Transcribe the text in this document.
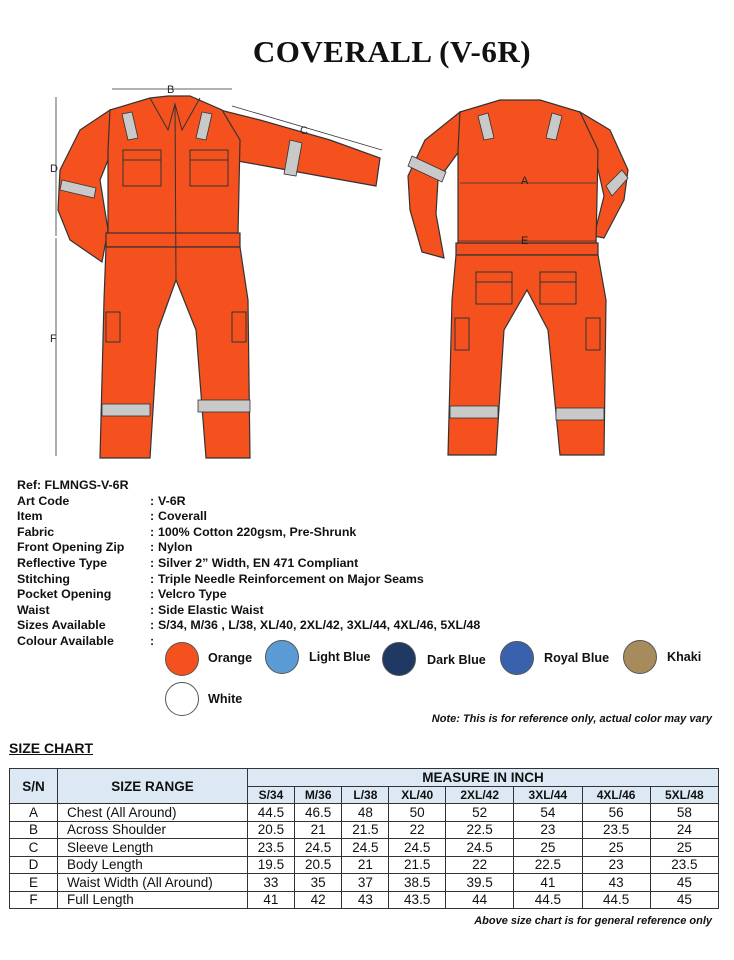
COVERALL (V-6R)
B
C
D
F
A
E
Ref: FLMNGS-V-6R
Art Code	: V-6R
Item	: Coverall
Fabric	: 100% Cotton 220gsm, Pre-Shrunk
Front Opening Zip	: Nylon
Reflective Type	: Silver 2” Width, EN 471 Compliant
Stitching	: Triple Needle Reinforcement on Major Seams
Pocket Opening	: Velcro Type
Waist	: Side Elastic Waist
Sizes Available	: S/34, M/36 , L/38, XL/40, 2XL/42, 3XL/44, 4XL/46, 5XL/48
Colour Available	:
Orange	Light Blue	Dark Blue	Royal Blue	Khaki
White
Note: This is for reference only, actual color may vary
SIZE CHART
S/N	SIZE RANGE	MEASURE IN INCH							
		S/34	M/36	L/38	XL/40	2XL/42	3XL/44	4XL/46	5XL/48
A	Chest (All Around)	44.5	46.5	48	50	52	54	56	58
B	Across Shoulder	20.5	21	21.5	22	22.5	23	23.5	24
C	Sleeve Length	23.5	24.5	24.5	24.5	24.5	25	25	25
D	Body Length	19.5	20.5	21	21.5	22	22.5	23	23.5
E	Waist Width (All Around)	33	35	37	38.5	39.5	41	43	45
F	Full Length	41	42	43	43.5	44	44.5	44.5	45
Above size chart is for general reference only
